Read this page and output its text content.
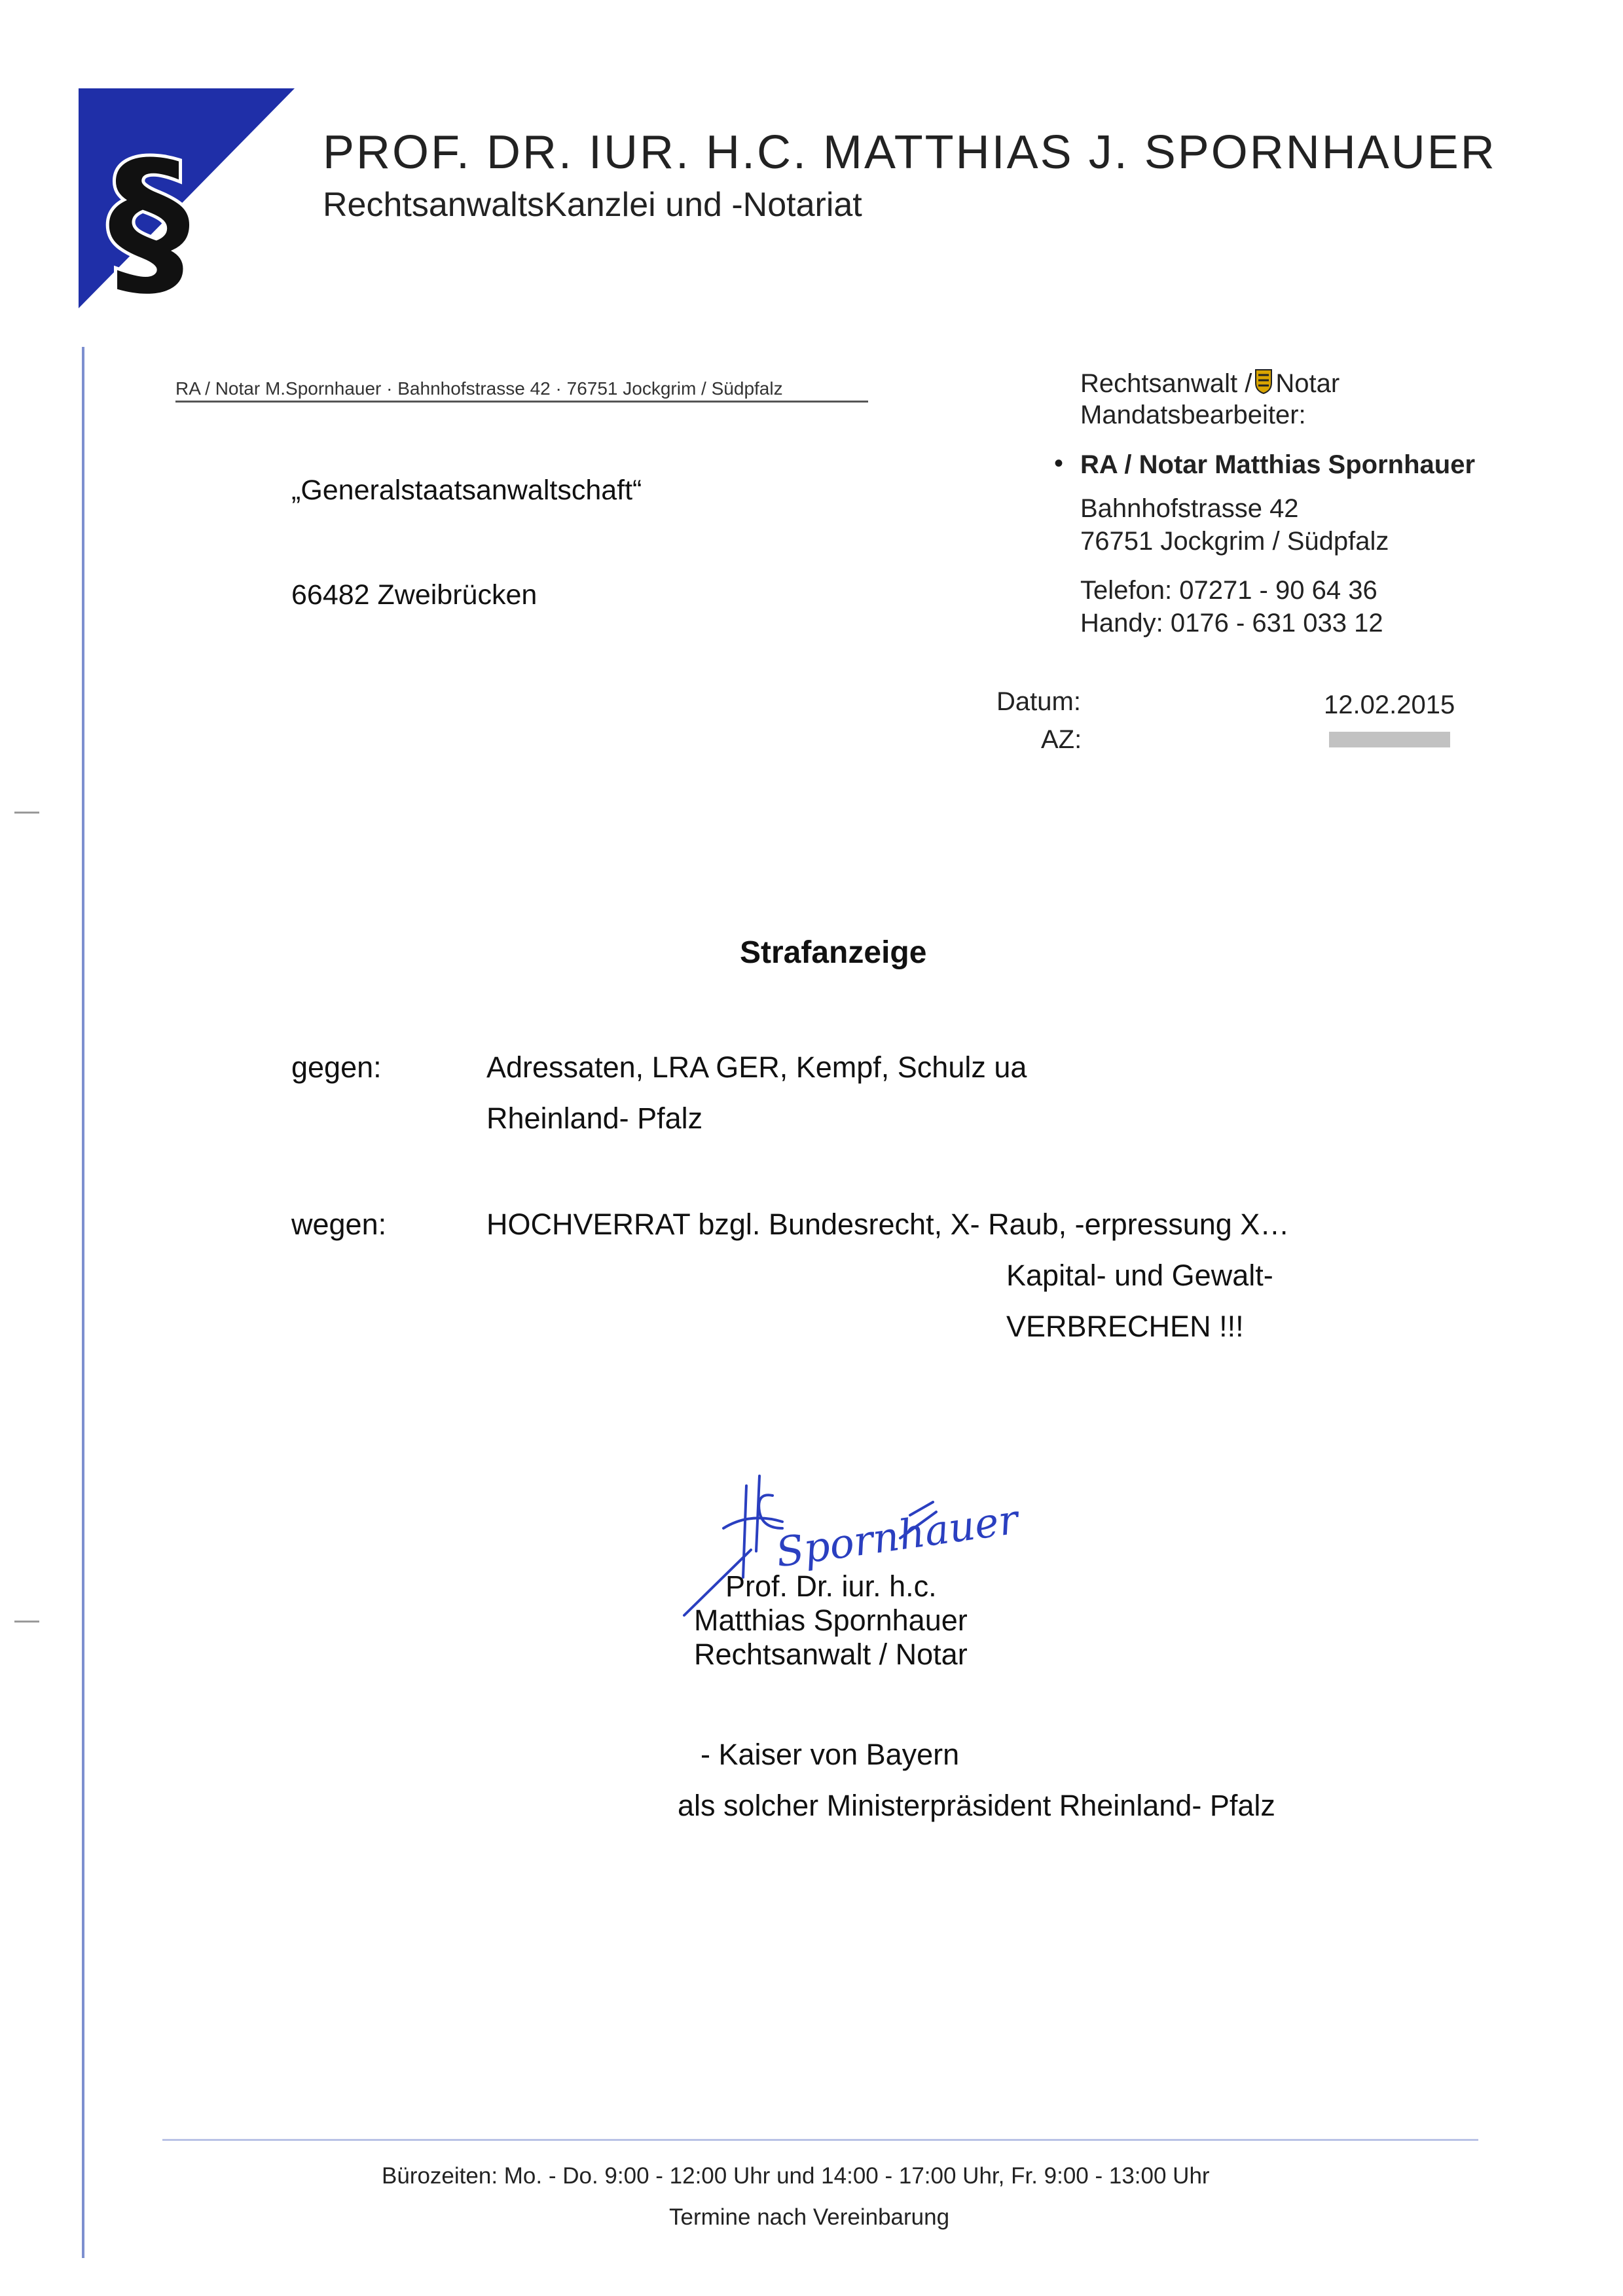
§	PROF. DR. IUR. H.C. MATTHIAS J. SPORNHAUER
RechtsanwaltsKanzlei und -Notariat
RA / Notar M.Spornhauer · Bahnhofstrasse 42 · 76751 Jockgrim / Südpfalz
„Generalstaatsanwaltschaft“
66482 Zweibrücken
Rechtsanwalt / Notar
Mandatsbearbeiter:
• RA / Notar Matthias Spornhauer
Bahnhofstrasse 42
76751 Jockgrim / Südpfalz
Telefon: 07271 - 90 64 36
Handy: 0176 - 631 033 12
Datum:	12.02.2015
AZ:
Strafanzeige
gegen:	Adressaten, LRA GER, Kempf, Schulz ua
Rheinland- Pfalz
wegen:	HOCHVERRAT bzgl. Bundesrecht, X- Raub, -erpressung X…
Kapital- und Gewalt-
VERBRECHEN !!!
Spornhauer
Prof. Dr. iur. h.c.
Matthias Spornhauer
Rechtsanwalt / Notar
- Kaiser von Bayern
als solcher Ministerpräsident Rheinland- Pfalz
Bürozeiten: Mo. - Do. 9:00 - 12:00 Uhr und 14:00 - 17:00 Uhr, Fr. 9:00 - 13:00 Uhr
Termine nach Vereinbarung
